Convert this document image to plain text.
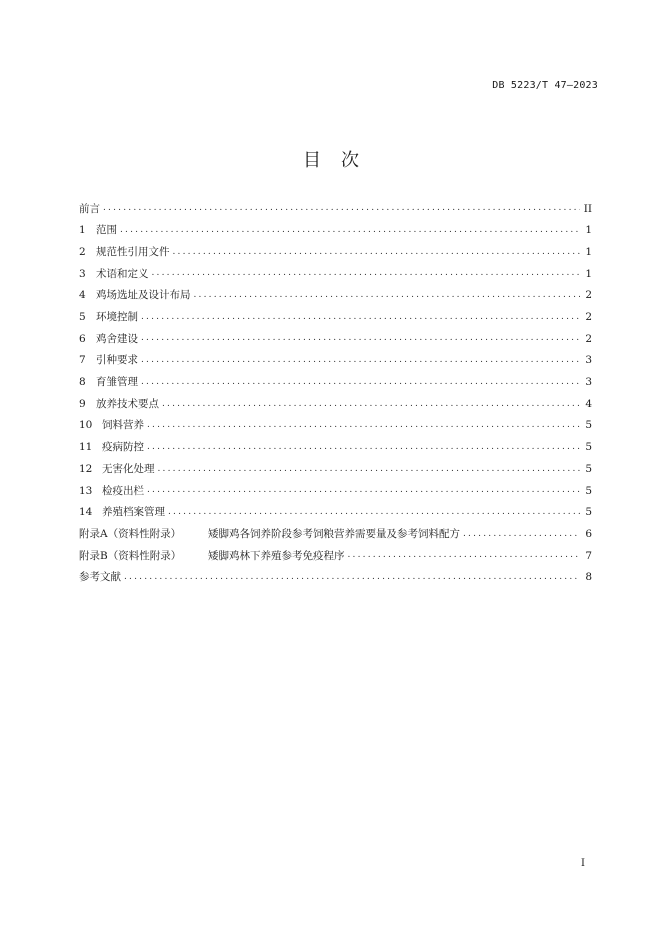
DB 5223/T 47—2023
目次
前言 .....	II
1 范围 .....	1
2 规范性引用文件 .....	1
3 术语和定义 .....	1
4 鸡场选址及设计布局 .....	2
5 环境控制 .....	2
6 鸡舍建设 .....	2
7 引种要求 .....	3
8 育雏管理 .....	3
9 放养技术要点 .....	4
10 饲料营养 .....	5
11 疫病防控 .....	5
12 无害化处理 .....	5
13 检疫出栏 .....	5
14 养殖档案管理 .....	5
附录A（资料性附录）	矮脚鸡各饲养阶段参考饲粮营养需要量及参考饲料配方 .....	6
附录B（资料性附录）	矮脚鸡林下养殖参考免疫程序 .....	7
参考文献 .....	8
I
